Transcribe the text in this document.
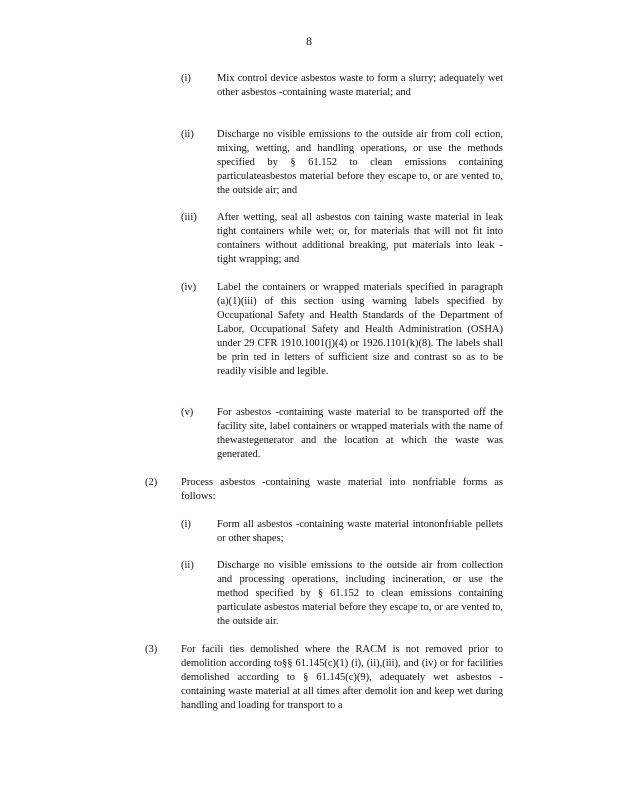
8
(i) Mix control device asbestos waste to form a slurry; adequately wet other asbestos -containing waste material; and
(ii) Discharge no visible emissions to the outside air from coll ection, mixing, wetting, and handling operations, or use the methods specified by § 61.152 to clean emissions containing particulateasbestos material before they escape to, or are vented to, the outside air; and
(iii) After wetting, seal all asbestos con taining waste material in leak tight containers while wet; or, for materials that will not fit into containers without additional breaking, put materials into leak -tight wrapping; and
(iv) Label the containers or wrapped materials specified in paragraph (a)(1)(iii) of this section using warning labels specified by Occupational Safety and Health Standards of the Department of Labor, Occupational Safety and Health Administration (OSHA) under 29 CFR 1910.1001(j)(4) or 1926.1101(k)(8). The labels shall be prin ted in letters of sufficient size and contrast so as to be readily visible and legible.
(v) For asbestos -containing waste material to be transported off the facility site, label containers or wrapped materials with the name of thewastegenerator and the location at which the waste was generated.
(2) Process asbestos -containing waste material into nonfriable forms as follows:
(i) Form all asbestos -containing waste material intononfriable pellets or other shapes;
(ii) Discharge no visible emissions to the outside air from collection and processing operations, including incineration, or use the method specified by § 61.152 to clean emissions containing particulate asbestos material before they escape to, or are vented to, the outside air.
(3) For facili ties demolished where the RACM is not removed prior to demolition according to§§ 61.145(c)(1) (i), (ii),(iii), and (iv) or for facilities demolished according to § 61.145(c)(9), adequately wet asbestos -containing waste material at all times after demolit ion and keep wet during handling and loading for transport to a
